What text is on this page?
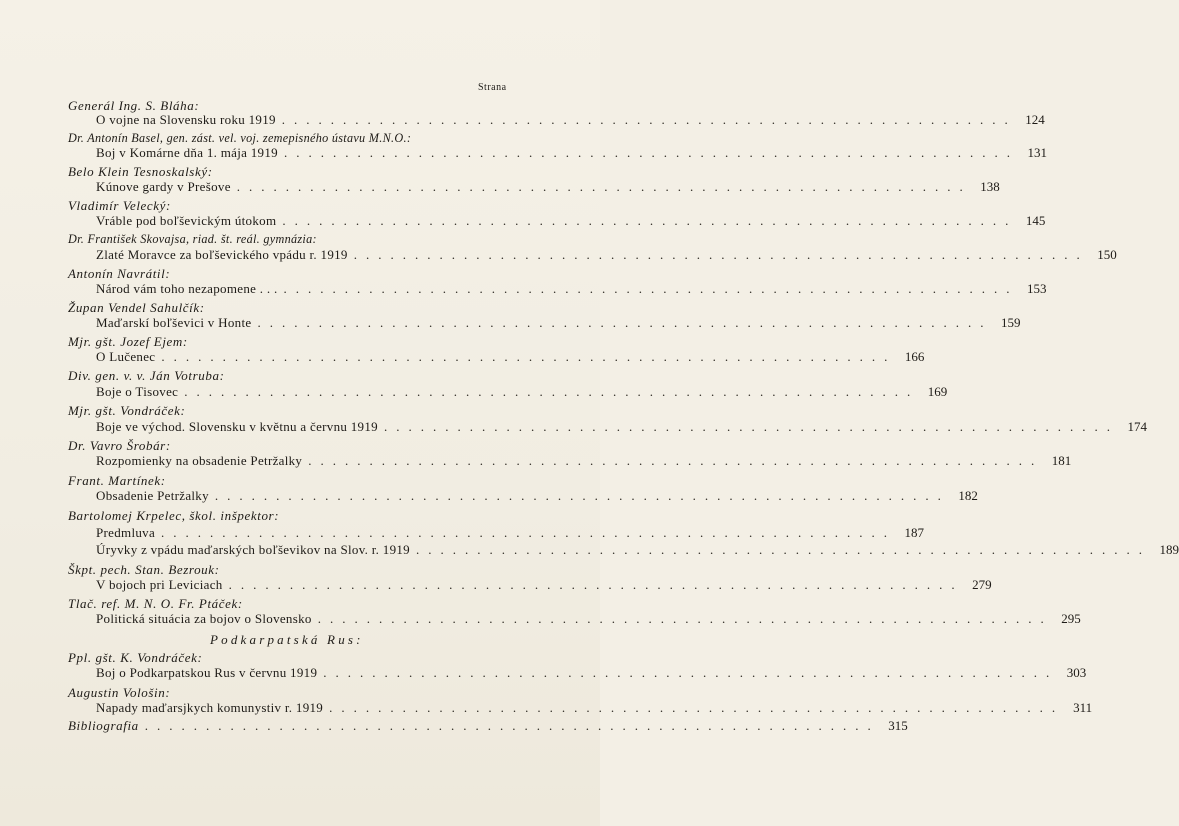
Strana
Generál Ing. S. Bláha:
O vojne na Slovensku roku 1919 ............................................................ 124
Dr. Antonín Basel, gen. zást. vel. voj. zemepisného ústavu M.N.O.:
Boj v Komárne dňa 1. mája 1919 ............................................................ 131
Belo Klein Tesnoskalský:
Kúnove gardy v Prešove ............................................................ 138
Vladimír Velecký:
Vráble pod boľševickým útokom ............................................................ 145
Dr. František Skovajsa, riad. št. reál. gymnázia:
Zlaté Moravce za boľševického vpádu r. 1919 ............................................................ 150
Antonín Navrátil:
Národ vám toho nezapomene . . . ............................................................ 153
Župan Vendel Sahulčík:
Maďarskí boľševici v Honte ............................................................ 159
Mjr. gšt. Jozef Ejem:
O Lučenec ............................................................ 166
Div. gen. v. v. Ján Votruba:
Boje o Tisovec ............................................................ 169
Mjr. gšt. Vondráček:
Boje ve východ. Slovensku v květnu a červnu 1919 ............................................................ 174
Dr. Vavro Šrobár:
Rozpomienky na obsadenie Petržalky ............................................................ 181
Frant. Martínek:
Obsadenie Petržalky ............................................................ 182
Bartolomej Krpelec, škol. inšpektor:
Predmluva ............................................................ 187
Úryvky z vpádu maďarských boľševikov na Slov. r. 1919 ............................................................ 189
Škpt. pech. Stan. Bezrouk:
V bojoch pri Leviciach ............................................................ 279
Tlač. ref. M. N. O. Fr. Ptáček:
Politická situácia za bojov o Slovensko ............................................................ 295
Ppl. gšt. K. Vondráček:
Boj o Podkarpatskou Rus v červnu 1919 ............................................................ 303
Augustin Vološin:
Napady maďarsjkych komunystiv r. 1919 ............................................................ 311
Bibliografia ............................................................ 315
Podkarpatská Rus:
